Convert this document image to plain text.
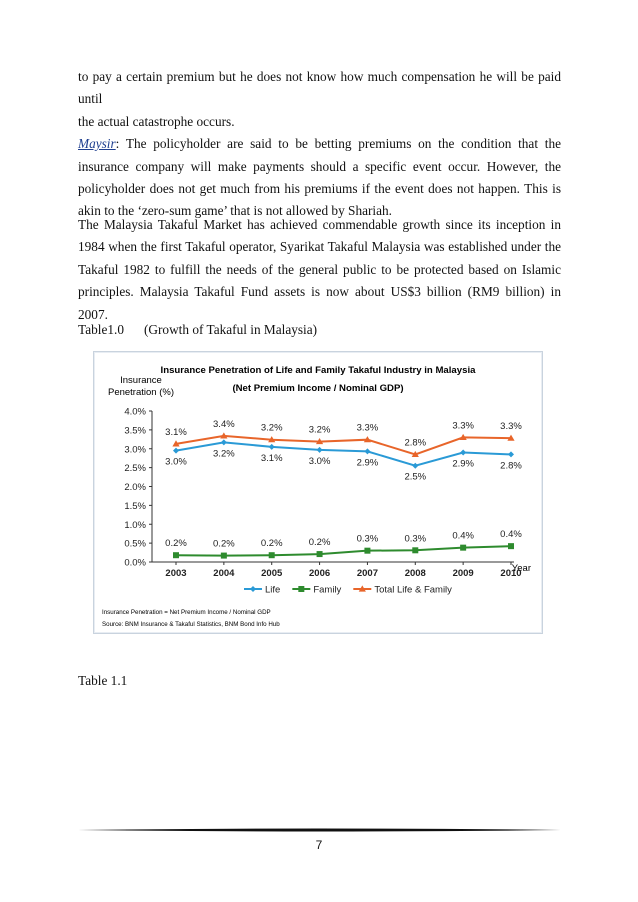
to pay a certain premium but he does not know how much compensation he will be paid until
the actual catastrophe occurs.
Maysir: The policyholder are said to be betting premiums on the condition that the insurance company will make payments should a specific event occur. However, the policyholder does not get much from his premiums if the event does not happen. This is akin to the ‘zero-sum game’ that is not allowed by Shariah.
The Malaysia Takaful Market has achieved commendable growth since its inception in 1984 when the first Takaful operator, Syarikat Takaful Malaysia was established under the Takaful 1982 to fulfill the needs of the general public to be protected based on Islamic principles. Malaysia Takaful Fund assets is now about US$3 billion (RM9 billion) in 2007.
Table1.0 (Growth of Takaful in Malaysia)
Insurance Penetration of Life and Family Takaful Industry in Malaysia
(Net Premium Income / Nominal GDP)
Insurance
Penetration (%)
Year
0.0%
0.5%
1.0%
1.5%
2.0%
2.5%
3.0%
3.5%
4.0%
2003	2004	2005	2006	2007	2008	2009	2010
3.0%
3.2%	3.1%	3.0%	2.9%
2.5%
2.9%	2.8%
0.2%	0.2%	0.2%	0.2%	0.3%	0.3%	0.4%	0.4%
3.1%
3.4%	3.2%	3.2%	3.3%
2.8%
3.3%	3.3%
Life	Family	Total Life & Family
Insurance Penetration = Net Premium Income / Nominal GDP
Source: BNM Insurance & Takaful Statistics, BNM Bond Info Hub
Table 1.1
7
